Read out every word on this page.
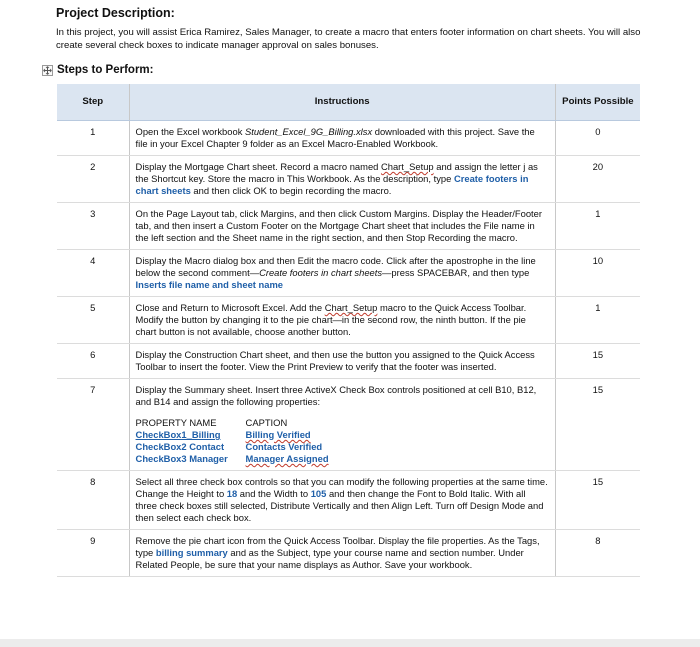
Project Description:

In this project, you will assist Erica Ramirez, Sales Manager, to create a macro that enters footer information on chart sheets. You will also create several check boxes to indicate manager approval on sales bonuses.

Steps to Perform:
Step	Instructions	Points Possible
1	Open the Excel workbook Student_Excel_9G_Billing.xlsx downloaded with this project. Save the file in your Excel Chapter 9 folder as an Excel Macro-Enabled Workbook.	0
2	Display the Mortgage Chart sheet. Record a macro named Chart_Setup and assign the letter j as the Shortcut key. Store the macro in This Workbook. As the description, type Create footers in chart sheets and then click OK to begin recording the macro.	20
3	On the Page Layout tab, click Margins, and then click Custom Margins. Display the Header/Footer tab, and then insert a Custom Footer on the Mortgage Chart sheet that includes the File name in the left section and the Sheet name in the right section, and then Stop Recording the macro.	1
4	Display the Macro dialog box and then Edit the macro code. Click after the apostrophe in the line below the second comment—Create footers in chart sheets—press SPACEBAR, and then type Inserts file name and sheet name	10
5	Close and Return to Microsoft Excel. Add the Chart_Setup macro to the Quick Access Toolbar. Modify the button by changing it to the pie chart—in the second row, the ninth button. If the pie chart button is not available, choose another button.	1
6	Display the Construction Chart sheet, and then use the button you assigned to the Quick Access Toolbar to insert the footer. View the Print Preview to verify that the footer was inserted.	15
7	Display the Summary sheet. Insert three ActiveX Check Box controls positioned at cell B10, B12, and B14 and assign the following properties:
PROPERTY NAME CAPTION
CheckBox1_Billing Billing Verified
CheckBox2 Contact Contacts Verified
CheckBox3 Manager Manager Assigned	15
8	Select all three check box controls so that you can modify the following properties at the same time. Change the Height to 18 and the Width to 105 and then change the Font to Bold Italic. With all three check boxes still selected, Distribute Vertically and then Align Left. Turn off Design Mode and then select each check box.	15
9	Remove the pie chart icon from the Quick Access Toolbar. Display the file properties. As the Tags, type billing summary and as the Subject, type your course name and section number. Under Related People, be sure that your name displays as Author. Save your workbook.	8
